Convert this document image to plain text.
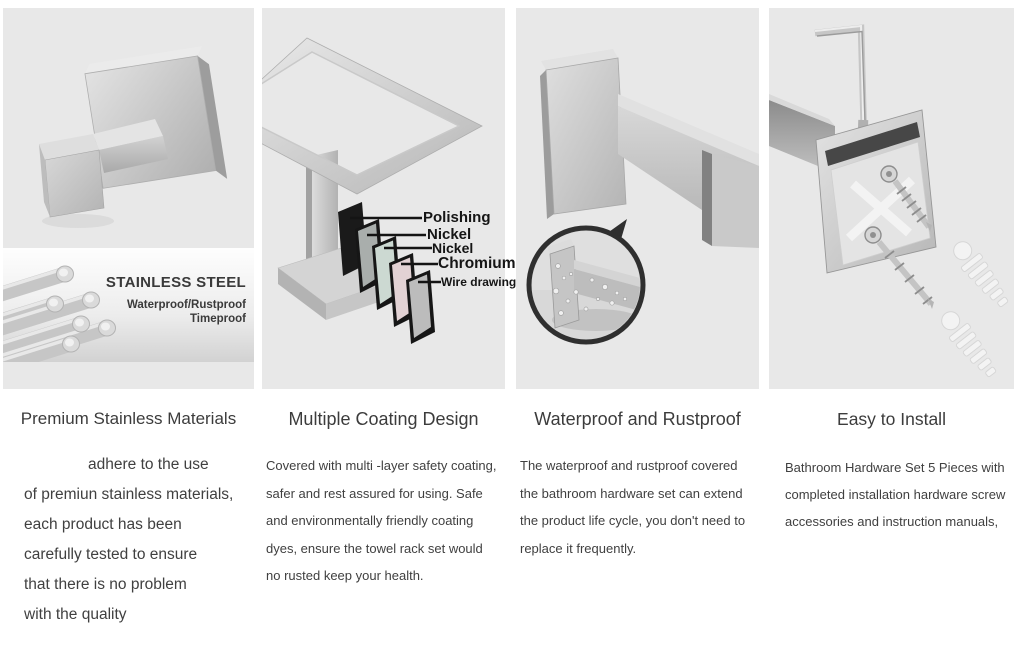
STAINLESS STEEL
Waterproof/Rustproof
Timeproof
Polishing
Nickel
Nickel
Chromium
Wire drawing
Premium Stainless Materials	Multiple Coating Design	Waterproof and Rustproof	Easy to Install
adhere to the use
of premiun stainless materials,
each product has been
carefully tested to ensure
that there is no problem
with the quality
Covered with multi -layer safety coating,
safer and rest assured for using. Safe
and environmentally friendly coating
dyes, ensure the towel rack set would
no rusted keep your health.
The waterproof and rustproof covered
the bathroom hardware set can extend
the product life cycle, you don't need to
replace it frequently.
Bathroom Hardware Set 5 Pieces with
completed installation hardware screw
accessories and instruction manuals,
